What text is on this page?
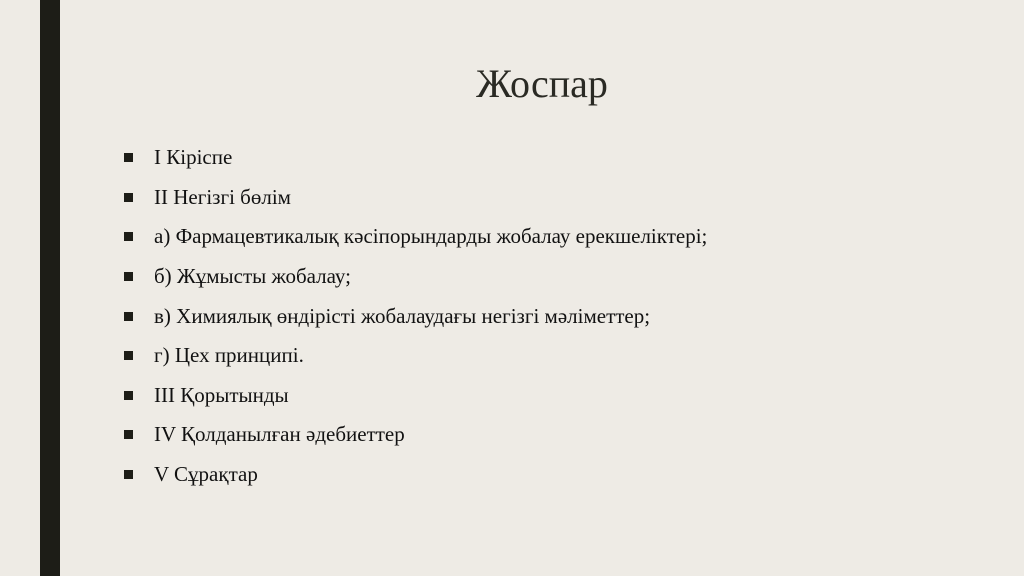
Жоспар
I Кіріспе
II Негізгі бөлім
а) Фармацевтикалық кәсіпорындарды жобалау ерекшеліктері;
б) Жұмысты жобалау;
в) Химиялық өндірісті жобалаудағы негізгі мәліметтер;
г) Цех принципі.
III Қорытынды
IV Қолданылған әдебиеттер
V Сұрақтар
